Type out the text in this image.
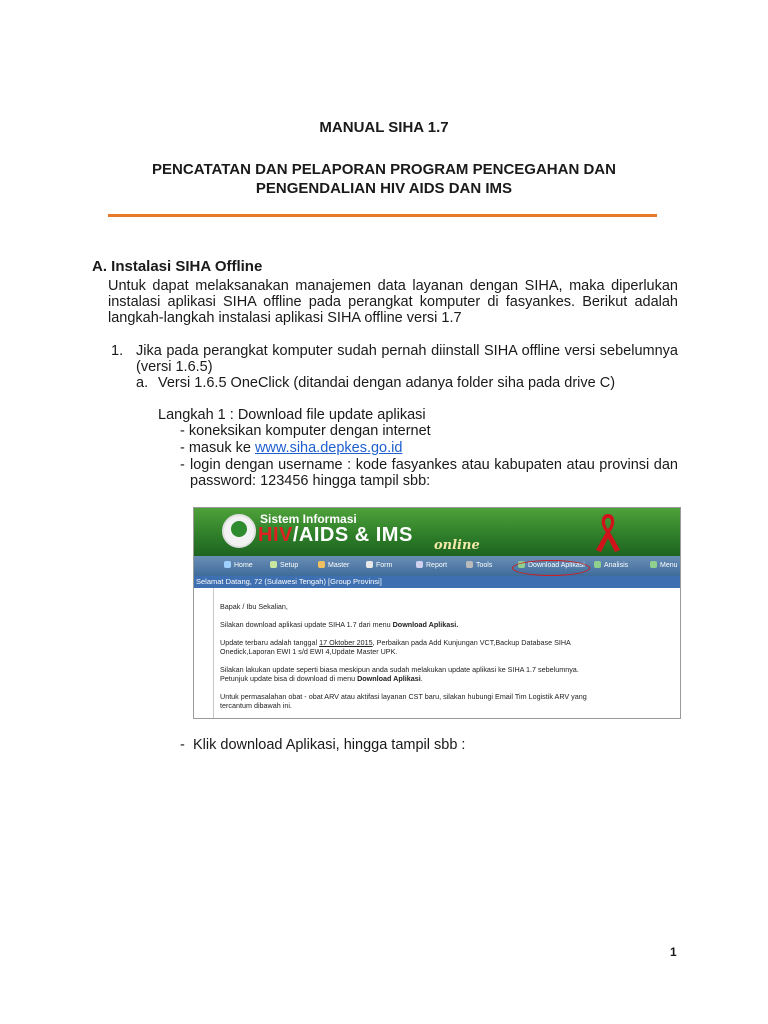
MANUAL SIHA 1.7
PENCATATAN DAN PELAPORAN PROGRAM PENCEGAHAN DAN
PENGENDALIAN HIV AIDS DAN IMS
A. Instalasi SIHA Offline
Untuk dapat melaksanakan manajemen data layanan dengan SIHA, maka diperlukan
instalasi aplikasi SIHA offline pada perangkat komputer di fasyankes. Berikut adalah
langkah-langkah instalasi aplikasi SIHA offline versi 1.7
1. Jika pada perangkat komputer sudah pernah diinstall SIHA offline versi sebelumnya
(versi 1.6.5)
a. Versi 1.6.5 OneClick (ditandai dengan adanya folder siha pada drive C)
Langkah 1 : Download file update aplikasi
- koneksikan komputer dengan internet
- masuk ke www.siha.depkes.go.id
- login dengan username : kode fasyankes atau kabupaten atau provinsi dan
password: 123456 hingga tampil sbb:
Sistem Informasi
HIV/AIDS & IMS online
Home	Setup	Master	Form	Report	Tools	Download Aplikasi	Analisis	Menu
Selamat Datang, 72 (Sulawesi Tengah) [Group Provinsi]
Bapak / Ibu Sekalian,
Silakan download aplikasi update SIHA 1.7 dari menu Download Aplikasi.
Update terbaru adalah tanggal 17 Oktober 2015, Perbaikan pada Add Kunjungan VCT,Backup Database SIHA
Onedick,Laporan EWI 1 s/d EWI 4,Update Master UPK.
Silakan lakukan update seperti biasa meskipun anda sudah melakukan update aplikasi ke SIHA 1.7 sebelumnya.
Petunjuk update bisa di download di menu Download Aplikasi.
Untuk permasalahan obat - obat ARV atau aktifasi layanan CST baru, silakan hubungi Email Tim Logistik ARV yang
tercantum dibawah ini.
- Klik download Aplikasi, hingga tampil sbb :
1
